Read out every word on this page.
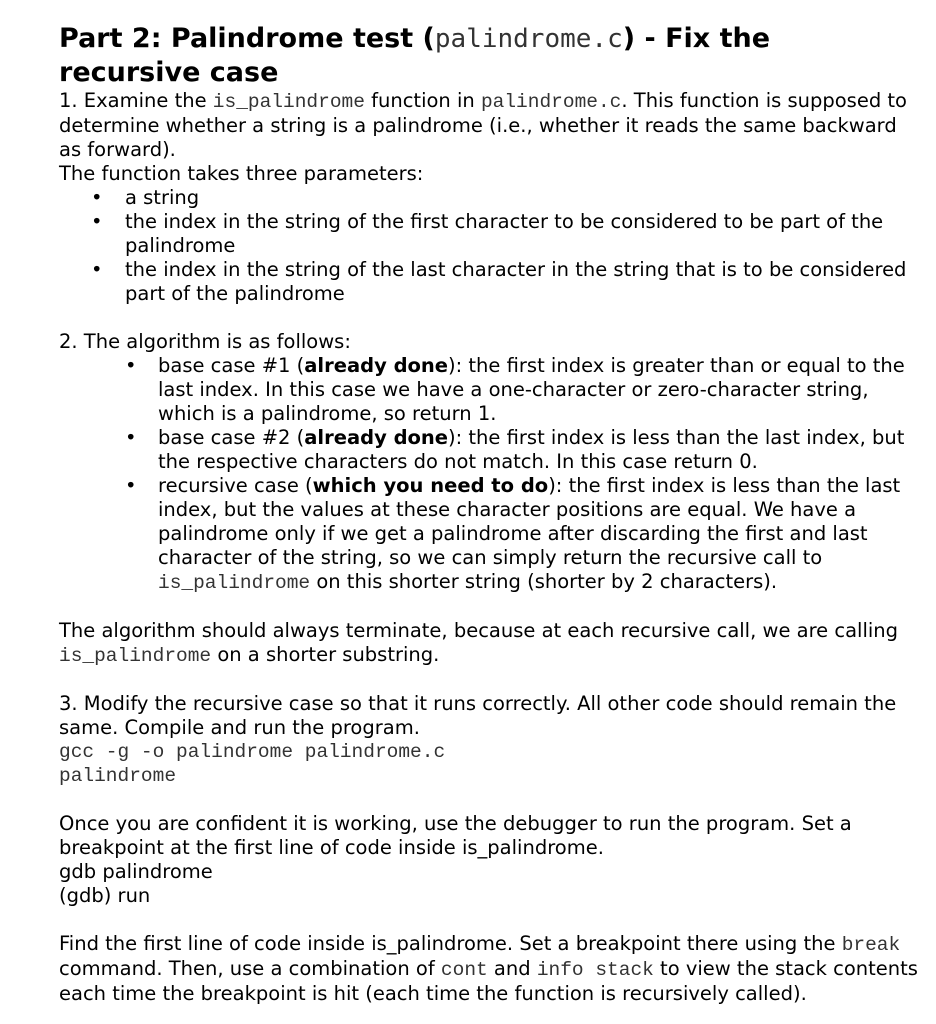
Part 2: Palindrome test (palindrome.c) - Fix the recursive case

1. Examine the is_palindrome function in palindrome.c. This function is supposed to determine whether a string is a palindrome (i.e., whether it reads the same backward as forward).

The function takes three parameters:

• a string
• the index in the string of the first character to be considered to be part of the palindrome
• the index in the string of the last character in the string that is to be considered part of the palindrome

2. The algorithm is as follows:

• base case #1 (already done): the first index is greater than or equal to the last index. In this case we have a one-character or zero-character string, which is a palindrome, so return 1.
• base case #2 (already done): the first index is less than the last index, but the respective characters do not match. In this case return 0.
• recursive case (which you need to do): the first index is less than the last index, but the values at these character positions are equal. We have a palindrome only if we get a palindrome after discarding the first and last character of the string, so we can simply return the recursive call to is_palindrome on this shorter string (shorter by 2 characters).

The algorithm should always terminate, because at each recursive call, we are calling is_palindrome on a shorter substring.

3. Modify the recursive case so that it runs correctly. All other code should remain the same. Compile and run the program.

gcc -g -o palindrome palindrome.c

palindrome

Once you are confident it is working, use the debugger to run the program. Set a breakpoint at the first line of code inside is_palindrome.

gdb palindrome

(gdb) run

Find the first line of code inside is_palindrome. Set a breakpoint there using the break command. Then, use a combination of cont and info stack to view the stack contents each time the breakpoint is hit (each time the function is recursively called).
